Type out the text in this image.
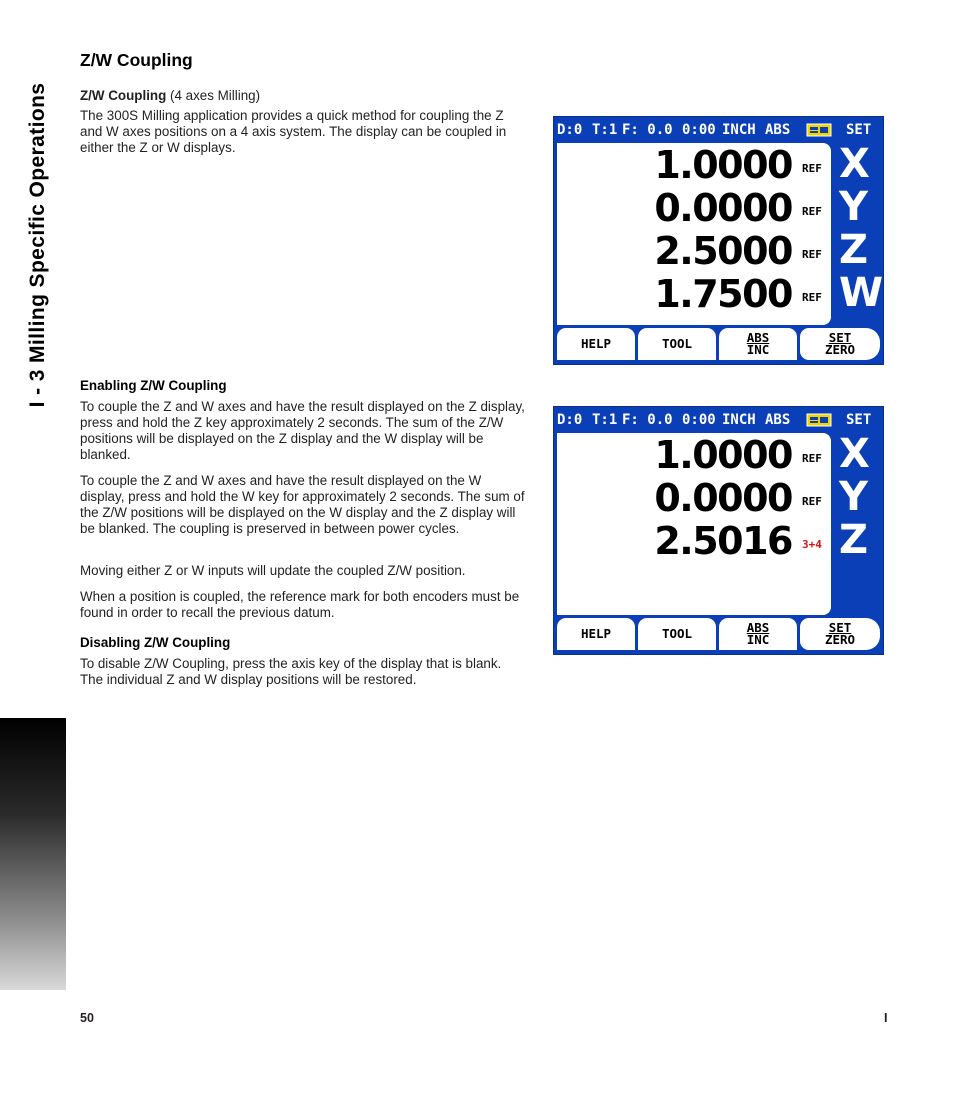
I - 3 Milling Specific Operations
Z/W Coupling
Z/W Coupling (4 axes Milling)
The 300S Milling application provides a quick method for coupling the Z and W axes positions on a 4 axis system. The display can be coupled in either the Z or W displays.
Enabling Z/W Coupling
To couple the Z and W axes and have the result displayed on the Z display, press and hold the Z key approximately 2 seconds. The sum of the Z/W positions will be displayed on the Z display and the W display will be blanked.
To couple the Z and W axes and have the result displayed on the W display, press and hold the W key for approximately 2 seconds. The sum of the Z/W positions will be displayed on the W display and the Z display will be blanked. The coupling is preserved in between power cycles.
Moving either Z or W inputs will update the coupled Z/W position.
When a position is coupled, the reference mark for both encoders must be found in order to recall the previous datum.
Disabling Z/W Coupling
To disable Z/W Coupling, press the axis key of the display that is blank. The individual Z and W display positions will be restored.
D:0 T:1 F: 0.0 0:00 INCH ABS	SET
1.0000 REF X
0.0000 REF Y
2.5000 REF Z
1.7500 REF W
HELP	TOOL	ABS
INC
SET
ZERO
D:0 T:1 F: 0.0 0:00 INCH ABS	SET
1.0000 REF X
0.0000 REF Y
2.5016 3+4 Z
HELP	TOOL	ABS
INC
SET
ZERO
50	I
